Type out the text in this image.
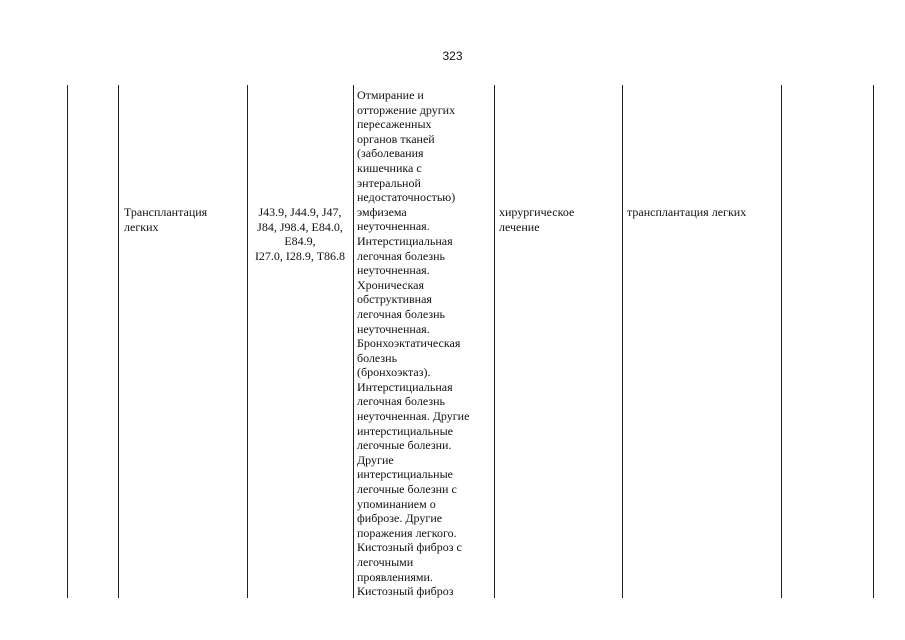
323
Трансплантация
легких
J43.9, J44.9, J47,
J84, J98.4, E84.0,
E84.9,
I27.0, I28.9, T86.8
Отмирание и
отторжение других
пересаженных
органов тканей
(заболевания
кишечника с
энтеральной
недостаточностью)
эмфизема
неуточненная.
Интерстициальная
легочная болезнь
неуточненная.
Хроническая
обструктивная
легочная болезнь
неуточненная.
Бронхоэктатическая
болезнь
(бронхоэктаз).
Интерстициальная
легочная болезнь
неуточненная. Другие
интерстициальные
легочные болезни.
Другие
интерстициальные
легочные болезни с
упоминанием о
фиброзе. Другие
поражения легкого.
Кистозный фиброз с
легочными
проявлениями.
Кистозный фиброз
хирургическое
лечение
трансплантация легких
